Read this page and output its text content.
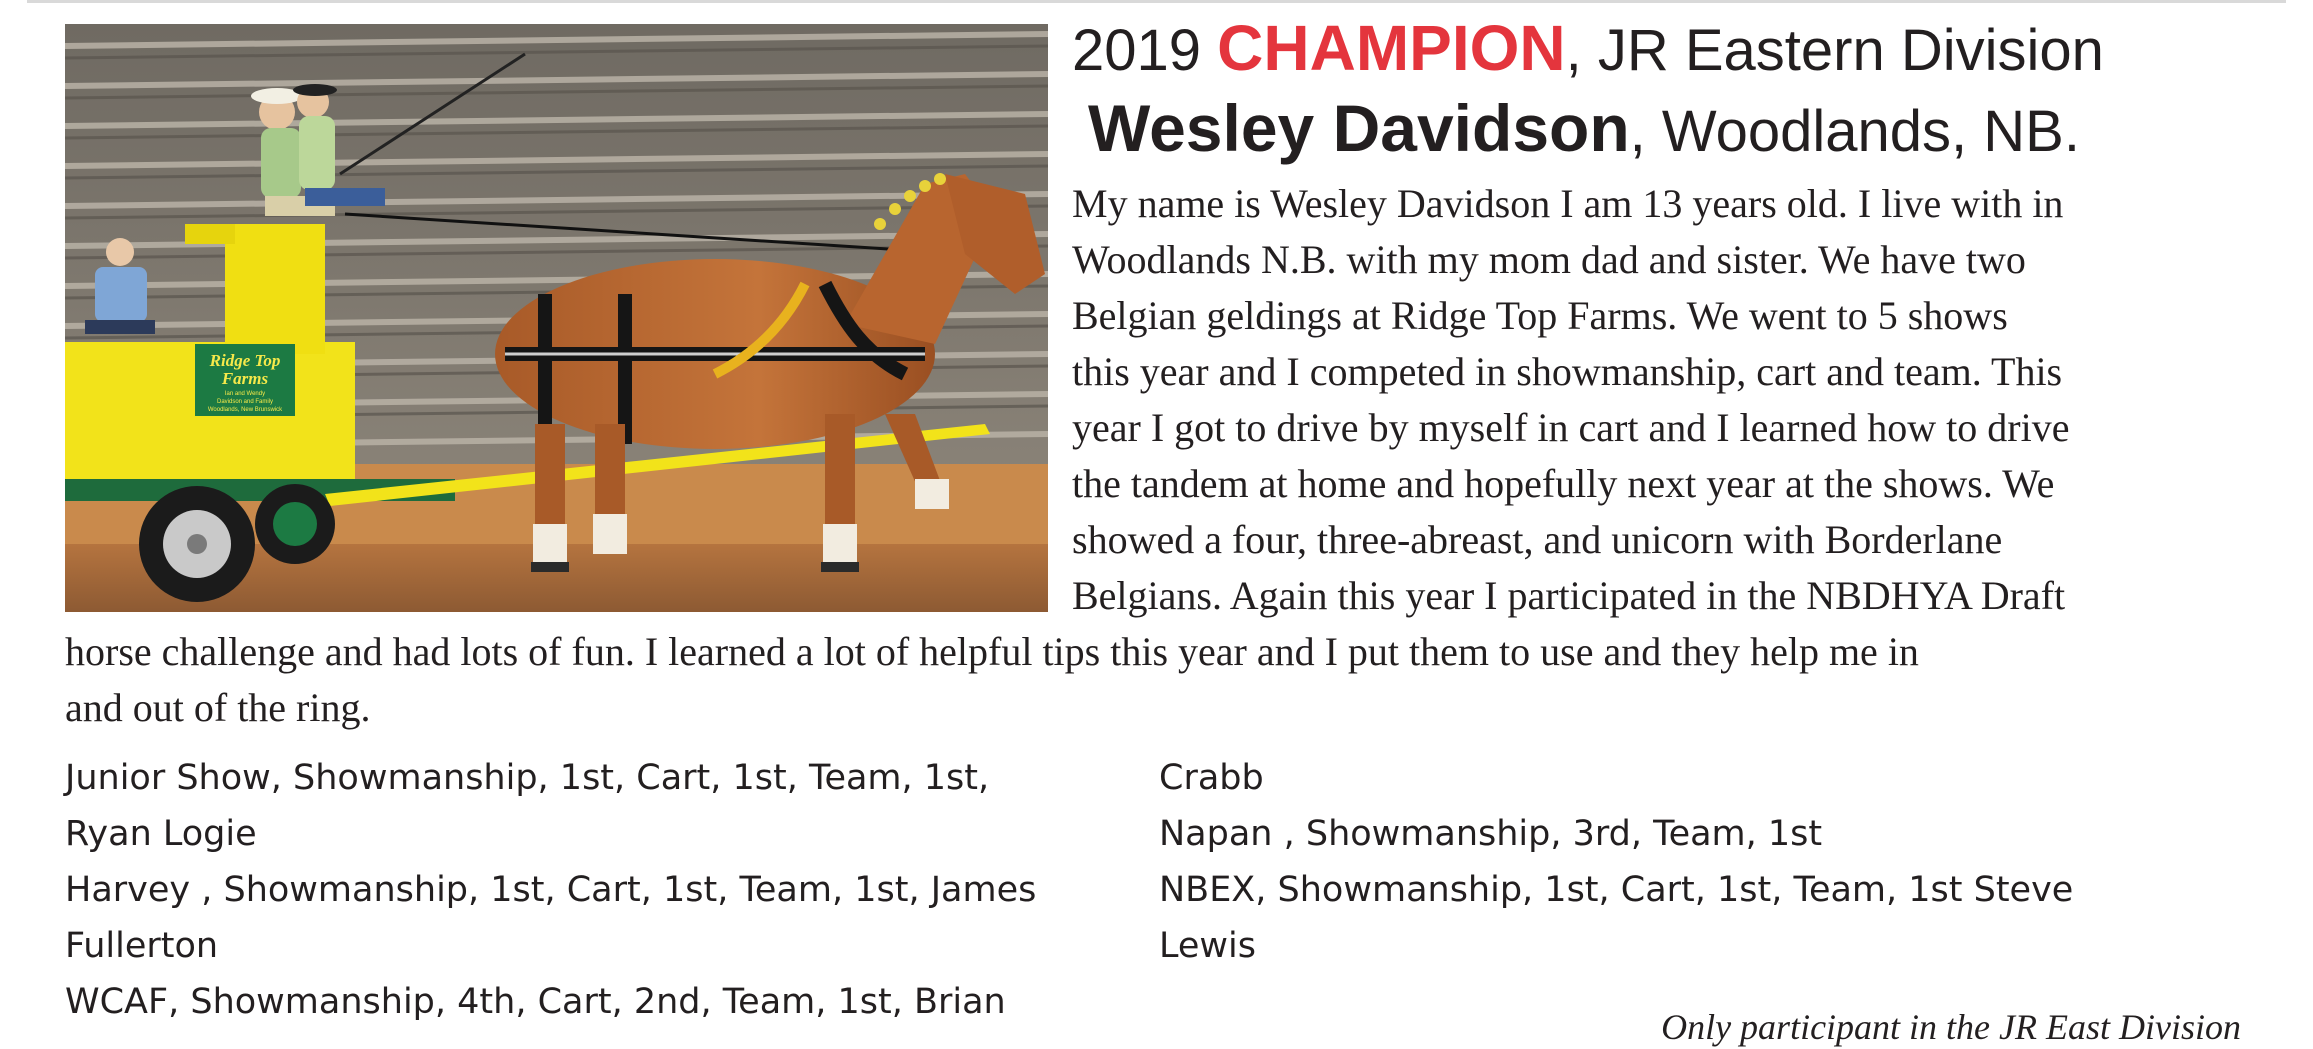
Ridge Top
Farms
Ian and Wendy
Davidson and Family
Woodlands, New Brunswick
2019 CHAMPION, JR Eastern Division
Wesley Davidson, Woodlands, NB.
My name is Wesley Davidson I am 13 years old. I live with in
Woodlands N.B. with my mom dad and sister. We have two
Belgian geldings at Ridge Top Farms. We went to 5 shows
this year and I competed in showmanship, cart and team. This
year I got to drive by myself in cart and I learned how to drive
the tandem at home and hopefully next year at the shows. We
showed a four, three-abreast, and unicorn with Borderlane
Belgians. Again this year I participated in the NBDHYA Draft
horse challenge and had lots of fun. I learned a lot of helpful tips this year and I put them to use and they help me in
and out of the ring.
Junior Show, Showmanship, 1st, Cart, 1st, Team, 1st,
Ryan Logie
Harvey , Showmanship, 1st, Cart, 1st, Team, 1st, James
Fullerton
WCAF, Showmanship, 4th, Cart, 2nd, Team, 1st, Brian
Crabb
Napan , Showmanship, 3rd, Team, 1st
NBEX, Showmanship, 1st, Cart, 1st, Team, 1st Steve
Lewis
Only participant in the JR East Division
